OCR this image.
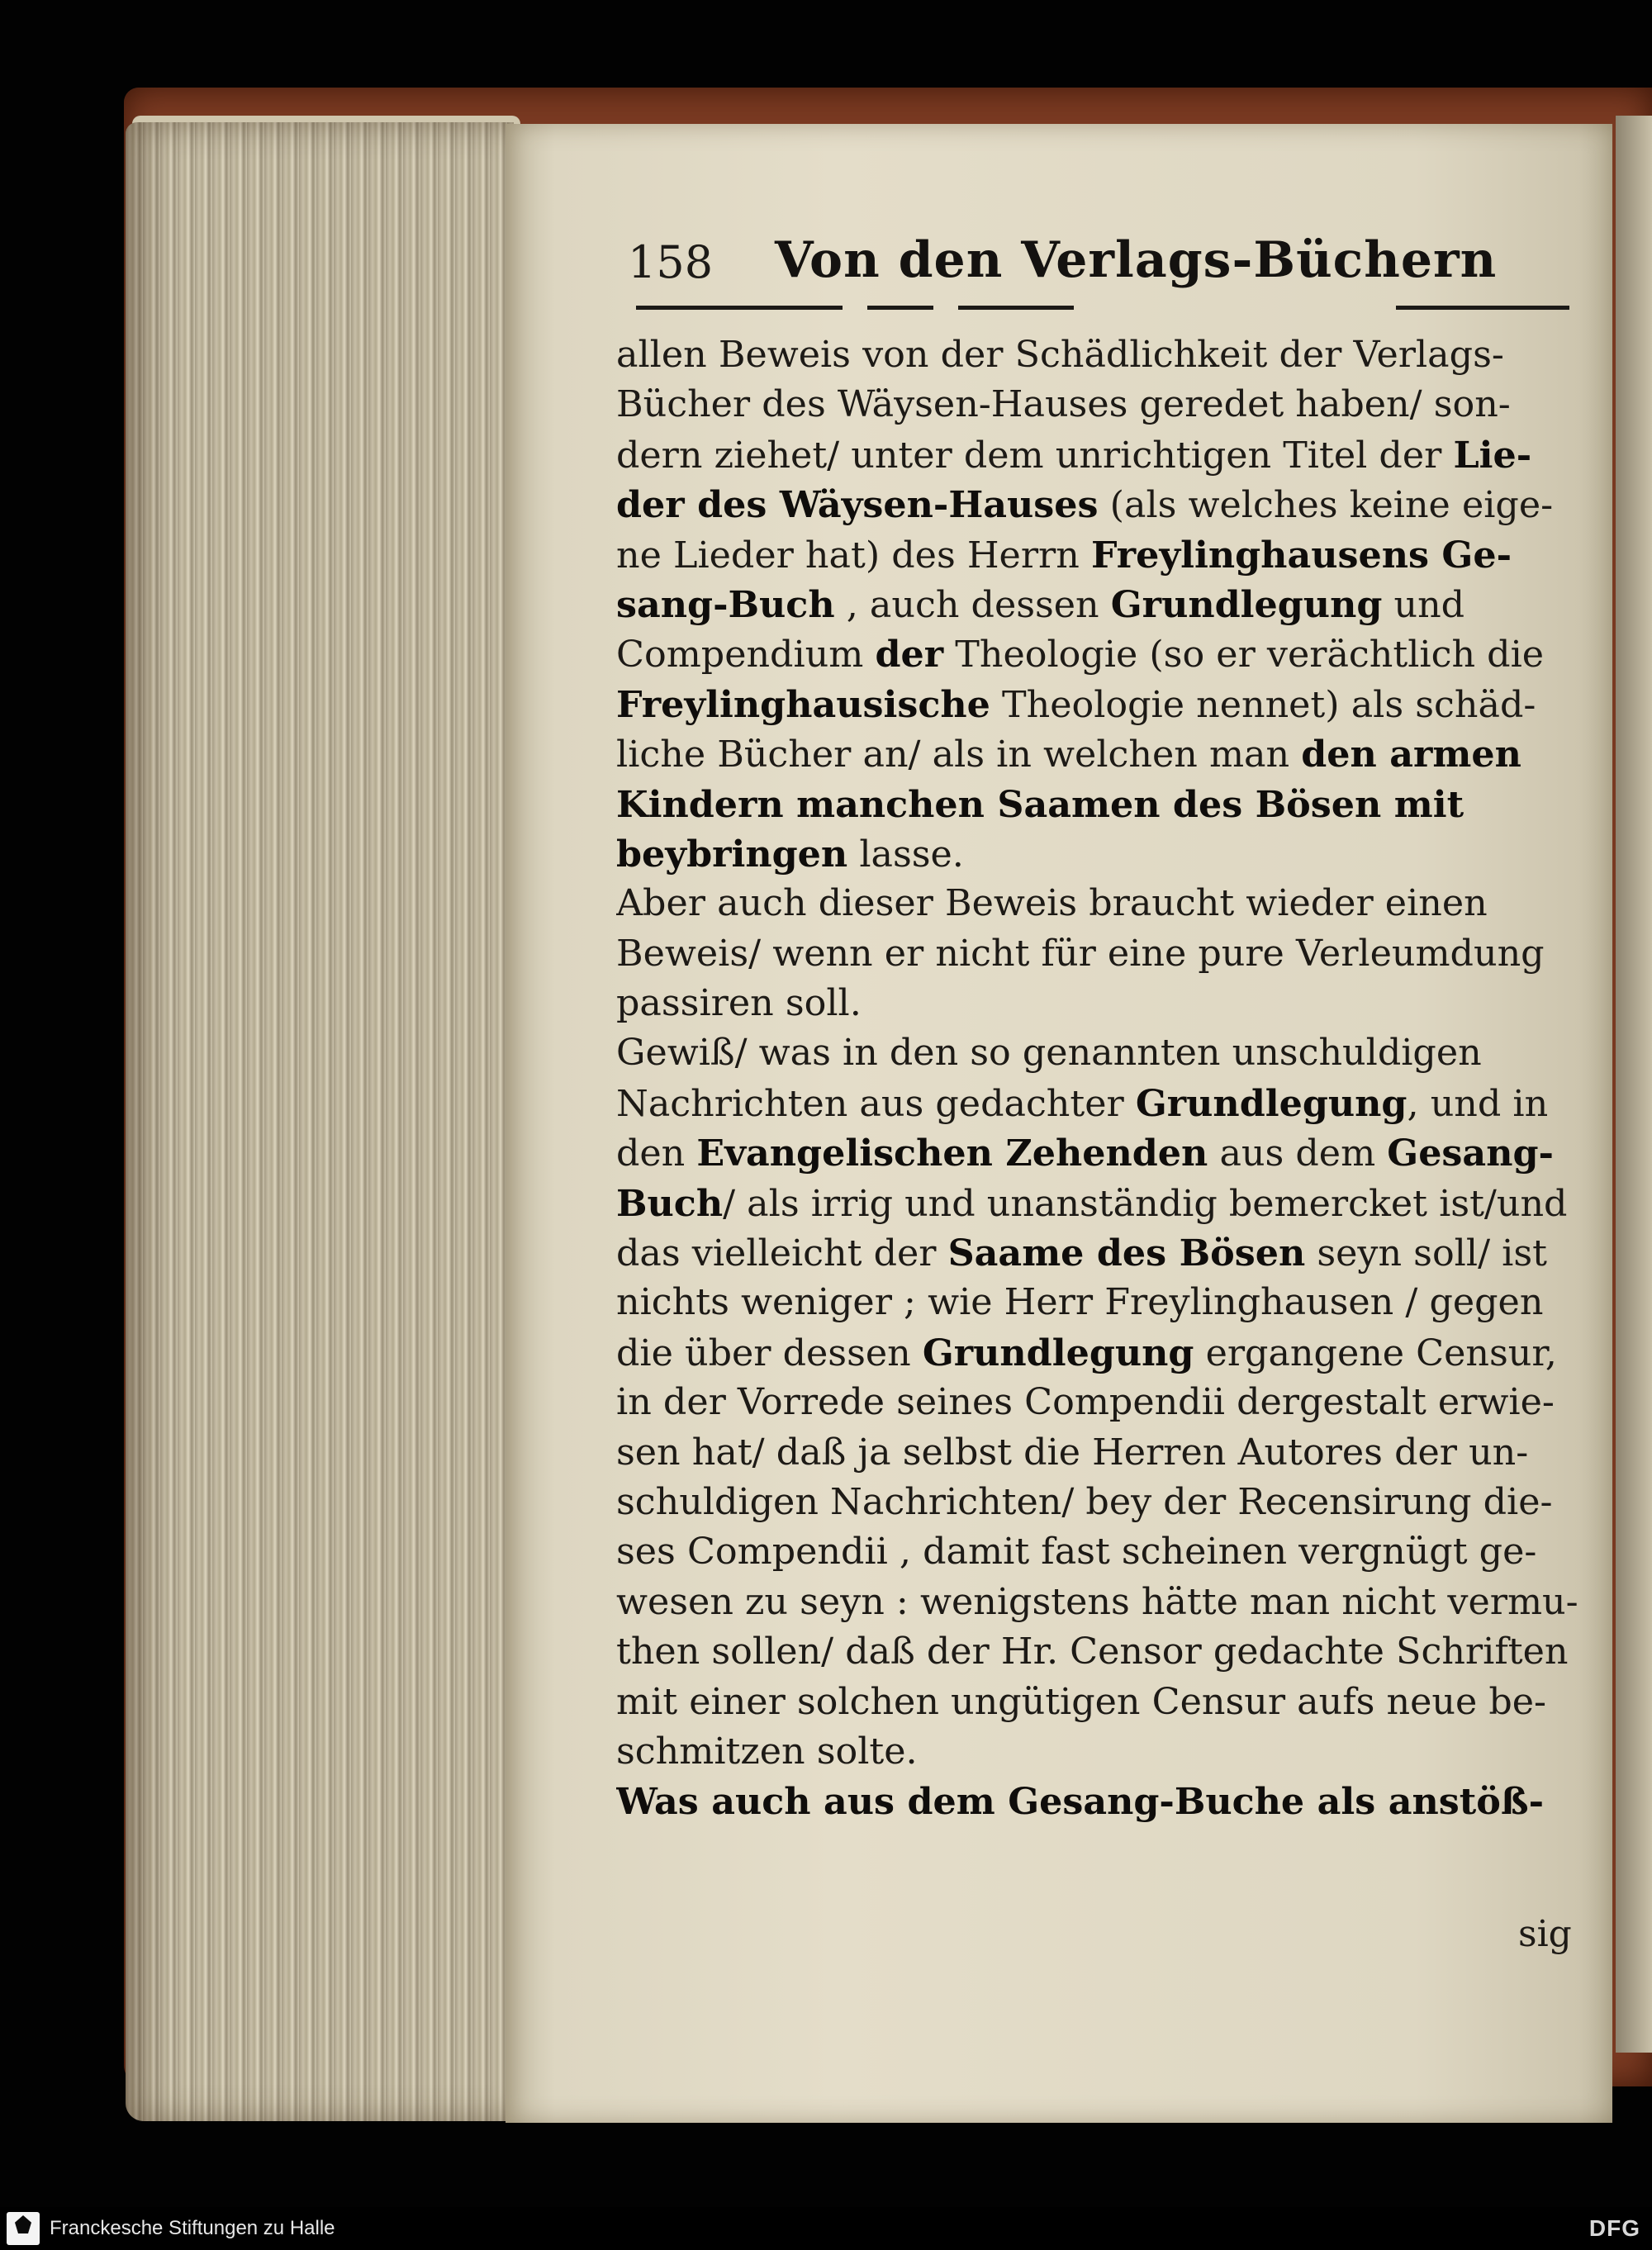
158 Von den Verlags-Büchern
allen Beweis von der Schädlichkeit der Verlags-
Bücher des Wäysen-Hauses geredet haben/ son-
dern ziehet/ unter dem unrichtigen Titel der Lie-
der des Wäysen-Hauses (als welches keine eige-
ne Lieder hat) des Herrn Freylinghausens Ge-
sang-Buch , auch dessen Grundlegung und
Compendium der Theologie (so er verächtlich die
Freylinghausische Theologie nennet) als schäd-
liche Bücher an/ als in welchen man den armen
Kindern manchen Saamen des Bösen mit
beybringen lasse.
Aber auch dieser Beweis braucht wieder einen
Beweis/ wenn er nicht für eine pure Verleumdung
passiren soll.
Gewiß/ was in den so genannten unschuldigen
Nachrichten aus gedachter Grundlegung, und in
den Evangelischen Zehenden aus dem Gesang-
Buch/ als irrig und unanständig bemercket ist/und
das vielleicht der Saame des Bösen seyn soll/ ist
nichts weniger ; wie Herr Freylinghausen / gegen
die über dessen Grundlegung ergangene Censur,
in der Vorrede seines Compendii dergestalt erwie-
sen hat/ daß ja selbst die Herren Autores der un-
schuldigen Nachrichten/ bey der Recensirung die-
ses Compendii , damit fast scheinen vergnügt ge-
wesen zu seyn : wenigstens hätte man nicht vermu-
then sollen/ daß der Hr. Censor gedachte Schriften
mit einer solchen ungütigen Censur aufs neue be-
schmitzen solte.
Was auch aus dem Gesang-Buche als anstöß-
sig
Franckesche Stiftungen zu Halle	DFG
